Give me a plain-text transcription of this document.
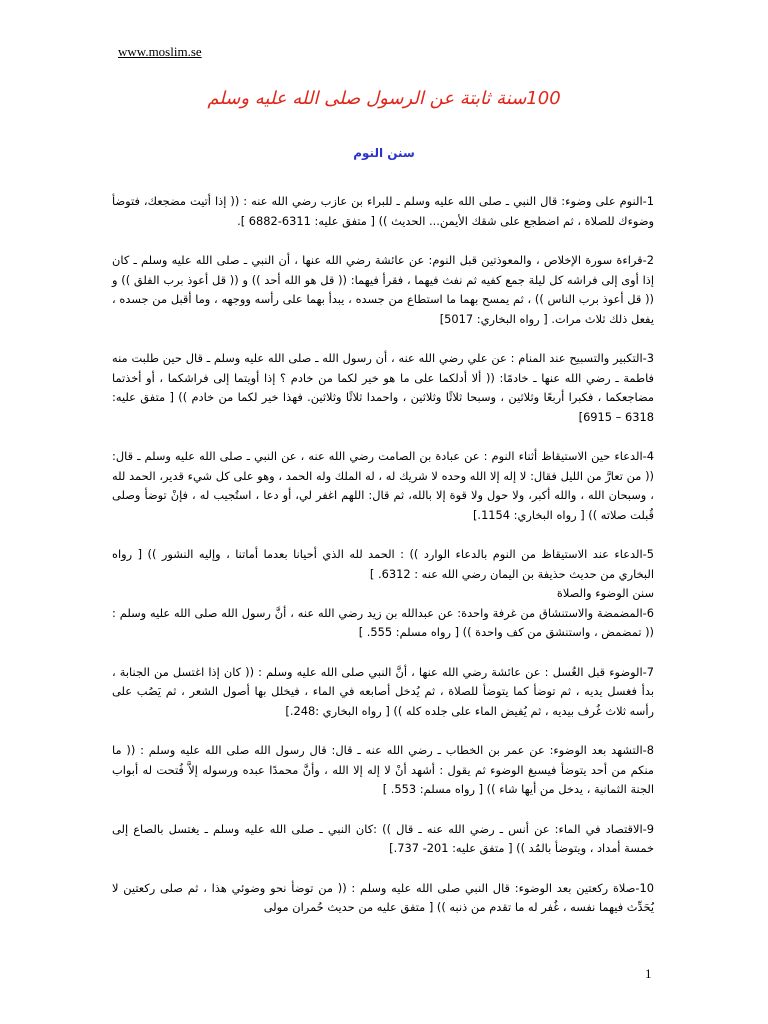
www.moslim.se
100سنة ثابتة عن الرسول صلى الله عليه وسلم
سنن النوم

1-النوم على وضوء: قال النبي ـ صلى الله عليه وسلم ـ للبراء بن عازب رضي الله عنه : (( إذا أتيت مضجعك، فتوضأ وضوءك للصلاة ، ثم اضطجع على شقك الأيمن... الحديث )) [ متفق عليه: 6311-6882 ].

2-قراءة سورة الإخلاص ، والمعوذتين قبل النوم: عن عائشة رضي الله عنها ، أن النبي ـ صلى الله عليه وسلم ـ كان إذا أوى إلى فراشه كل ليلة جمع كفيه ثم نفث فيهما ، فقرأ فيهما: (( قل هو الله أحد )) و (( قل أعوذ برب الفلق )) و (( قل أعوذ برب الناس )) ، ثم يمسح بهما ما استطاع من جسده ، يبدأ بهما على رأسه ووجهه ، وما أقبل من جسده ، يفعل ذلك ثلاث مرات. [ رواه البخاري: 5017]

3-التكبير والتسبيح عند المنام : عن علي رضي الله عنه ، أن رسول الله ـ صلى الله عليه وسلم ـ قال حين طلبت منه فاطمة ـ رضي الله عنها ـ خادمًا: (( ألا أدلكما على ما هو خير لكما من خادم ؟ إذا أويتما إلى فراشكما ، أو أخذتما مضاجعكما ، فكبرا أربعًا وثلاثين ، وسبحا ثلاثًا وثلاثين ، واحمدا ثلاثًا وثلاثين. فهذا خير لكما من خادم )) [ متفق عليه: 6318 – 6915]

4-الدعاء حين الاستيقاظ أثناء النوم : عن عبادة بن الصامت رضي الله عنه ، عن النبي ـ صلى الله عليه وسلم ـ قال: (( من تعارَّ من الليل فقال: لا إله إلا الله وحده لا شريك له ، له الملك وله الحمد ، وهو على كل شيء قدير، الحمد لله ، وسبحان الله ، والله أكبر، ولا حول ولا قوة إلا بالله، ثم قال: اللهم اغفر لي، أو دعا ، استُجيب له ، فإنْ توضأ وصلى قُبلت صلاته )) [ رواه البخاري: 1154.]

5-الدعاء عند الاستيقاظ من النوم بالدعاء الوارد )) : الحمد لله الذي أحيانا بعدما أماتنا ، وإليه النشور )) [ رواه البخاري من حديث حذيفة بن اليمان رضي الله عنه : 6312. ]

سنن الوضوء والصلاة

6-المضمضة والاستنشاق من غرفة واحدة: عن عبدالله بن زيد رضي الله عنه ، أنَّ رسول الله صلى الله عليه وسلم : (( تمضمض ، واستنشق من كف واحدة )) [ رواه مسلم: 555. ]

7-الوضوء قبل الغُسل : عن عائشة رضي الله عنها ، أنَّ النبي صلى الله عليه وسلم : (( كان إذا اغتسل من الجنابة ، بدأ فغسل يديه ، ثم توضأ كما يتوضأ للصلاة ، ثم يُدخل أصابعه في الماء ، فيخلل بها أصول الشعر ، ثم يَصُب على رأسه ثلاث غُرف بيديه ، ثم يُفيض الماء على جلده كله )) [ رواه البخاري :248.]

8-التشهد بعد الوضوء: عن عمر بن الخطاب ـ رضي الله عنه ـ قال: قال رسول الله صلى الله عليه وسلم : (( ما منكم من أحد يتوضأ فيسبغ الوضوء ثم يقول : أشهد أنْ لا إله إلا الله ، وأنَّ محمدًا عبده ورسوله إلاَّ فُتحت له أبواب الجنة الثمانية ، يدخل من أيها شاء )) [ رواه مسلم: 553. ]

9-الاقتصاد في الماء: عن أنس ـ رضي الله عنه ـ قال )) :كان النبي ـ صلى الله عليه وسلم ـ يغتسل بالصاع إلى خمسة أمداد ، ويتوضأ بالمُد )) [ متفق عليه: 201- 737.]

10-صلاة ركعتين بعد الوضوء: قال النبي صلى الله عليه وسلم : (( من توضأ نحو وضوئي هذا ، ثم صلى ركعتين لا يُحَدِّث فيهما نفسه ، غُفر له ما تقدم من ذنبه )) [ متفق عليه من حديث حُمران مولى

1
